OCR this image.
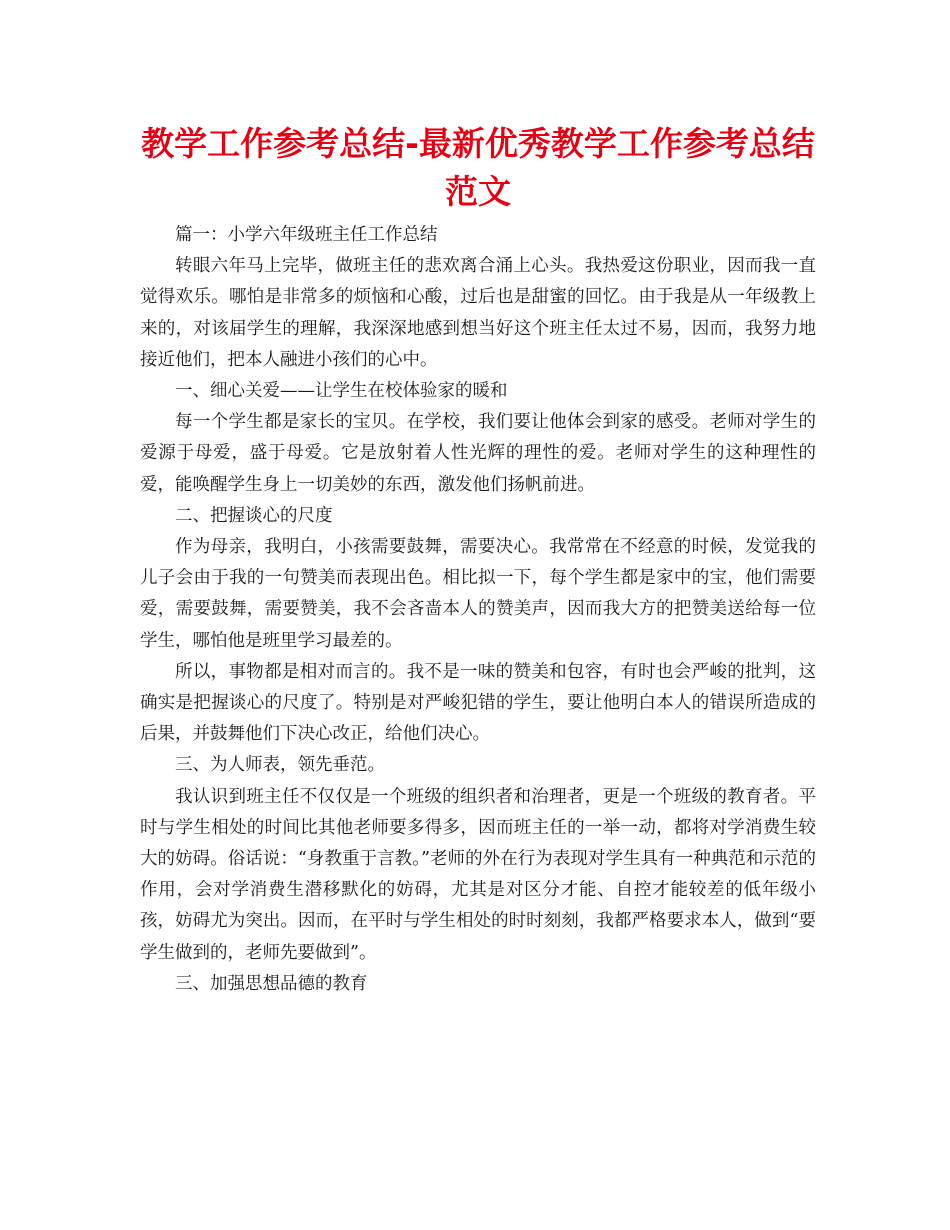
教学工作参考总结-最新优秀教学工作参考总结范文

篇一：小学六年级班主任工作总结

转眼六年马上完毕，做班主任的悲欢离合涌上心头。我热爱这份职业，因而我一直觉得欢乐。哪怕是非常多的烦恼和心酸，过后也是甜蜜的回忆。由于我是从一年级教上来的，对该届学生的理解，我深深地感到想当好这个班主任太过不易，因而，我努力地接近他们，把本人融进小孩们的心中。

一、细心关爱——让学生在校体验家的暖和

每一个学生都是家长的宝贝。在学校，我们要让他体会到家的感受。老师对学生的爱源于母爱，盛于母爱。它是放射着人性光辉的理性的爱。老师对学生的这种理性的爱，能唤醒学生身上一切美妙的东西，激发他们扬帆前进。

二、把握谈心的尺度

作为母亲，我明白，小孩需要鼓舞，需要决心。我常常在不经意的时候，发觉我的儿子会由于我的一句赞美而表现出色。相比拟一下，每个学生都是家中的宝，他们需要爱，需要鼓舞，需要赞美，我不会吝啬本人的赞美声，因而我大方的把赞美送给每一位学生，哪怕他是班里学习最差的。

所以，事物都是相对而言的。我不是一味的赞美和包容，有时也会严峻的批判，这确实是把握谈心的尺度了。特别是对严峻犯错的学生，要让他明白本人的错误所造成的后果，并鼓舞他们下决心改正，给他们决心。

三、为人师表，领先垂范。

我认识到班主任不仅仅是一个班级的组织者和治理者，更是一个班级的教育者。平时与学生相处的时间比其他老师要多得多，因而班主任的一举一动，都将对学消费生较大的妨碍。俗话说：“身教重于言教。”老师的外在行为表现对学生具有一种典范和示范的作用，会对学消费生潜移默化的妨碍，尤其是对区分才能、自控才能较差的低年级小孩，妨碍尤为突出。因而，在平时与学生相处的时时刻刻，我都严格要求本人，做到“要学生做到的，老师先要做到”。

三、加强思想品德的教育
